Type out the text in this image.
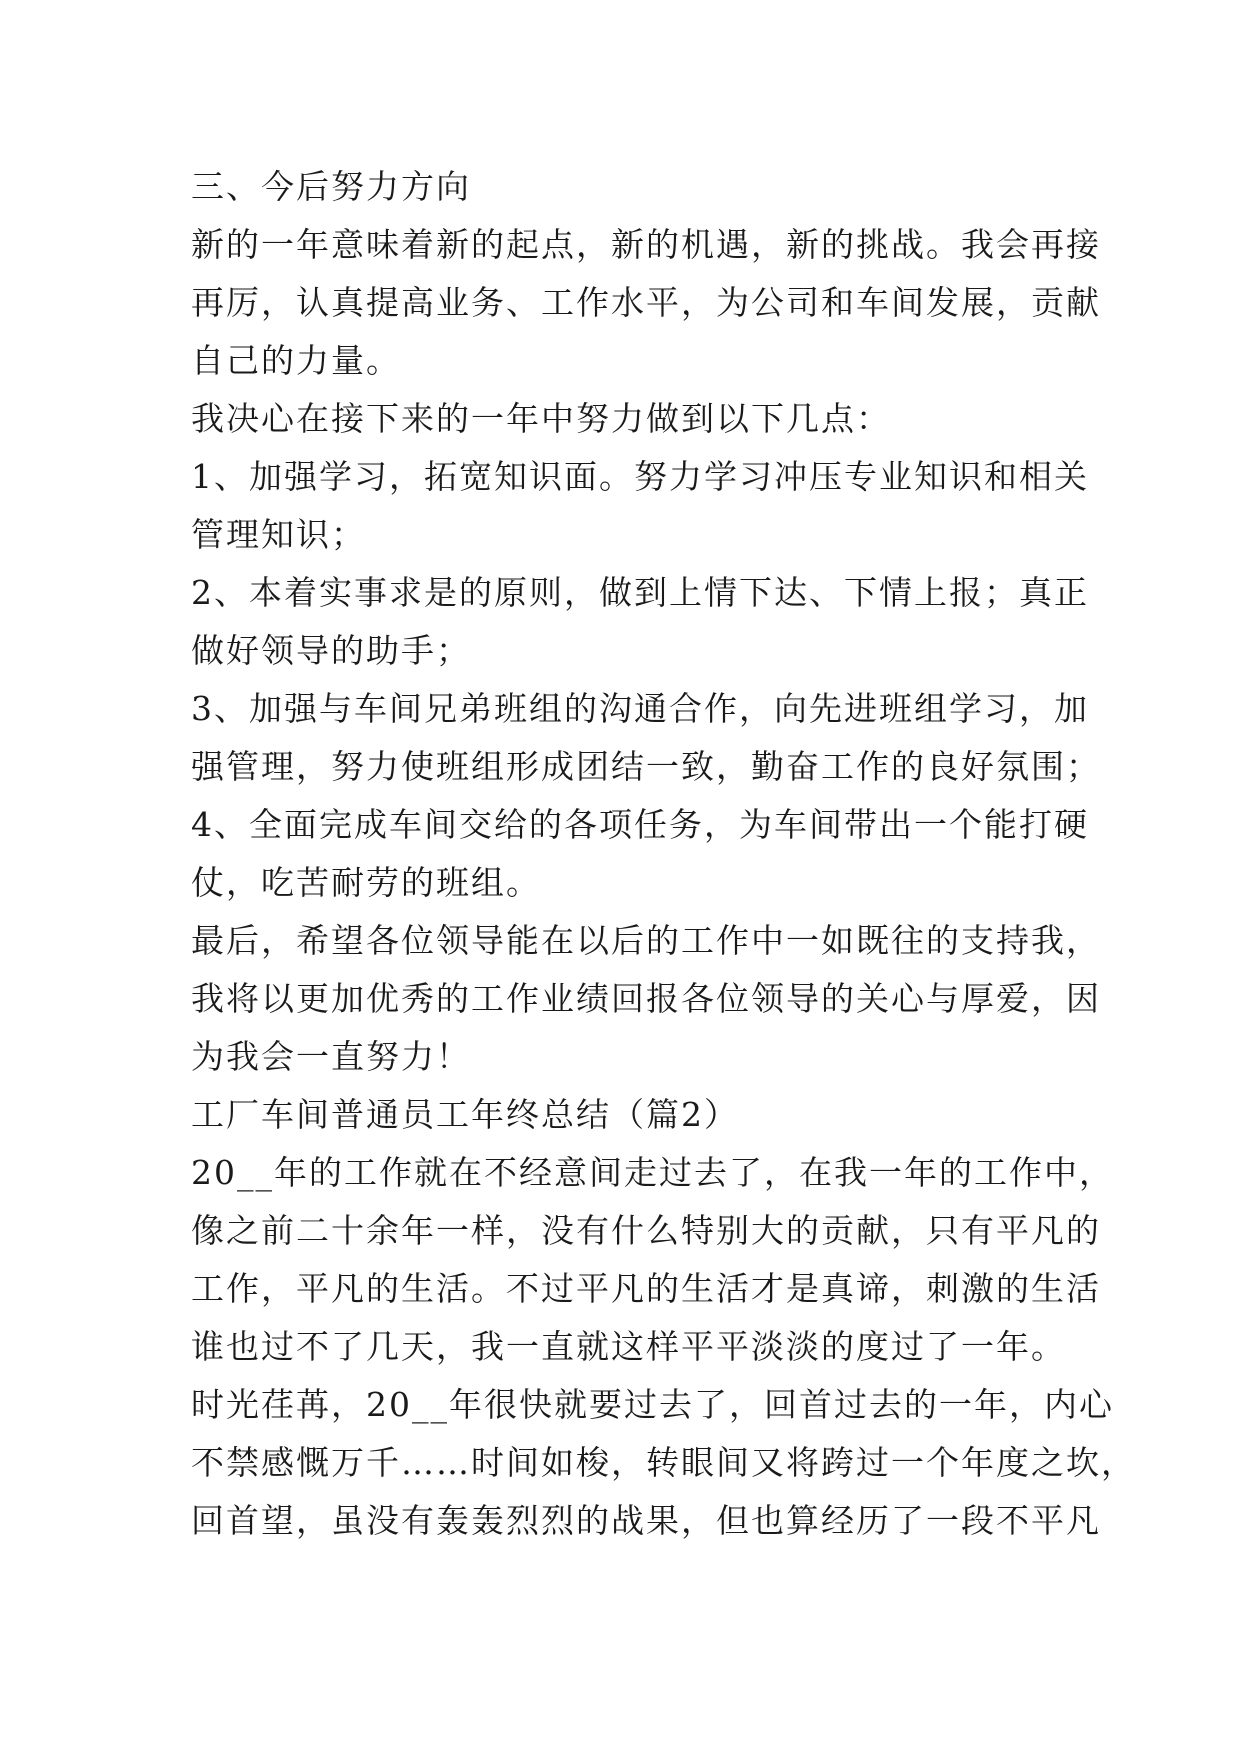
三、今后努力方向
新的一年意味着新的起点，新的机遇，新的挑战。我会再接
再厉，认真提高业务、工作水平，为公司和车间发展，贡献
自己的力量。
我决心在接下来的一年中努力做到以下几点：
1、加强学习，拓宽知识面。努力学习冲压专业知识和相关
管理知识；
2、本着实事求是的原则，做到上情下达、下情上报；真正
做好领导的助手；
3、加强与车间兄弟班组的沟通合作，向先进班组学习，加
强管理，努力使班组形成团结一致，勤奋工作的良好氛围；
4、全面完成车间交给的各项任务，为车间带出一个能打硬
仗，吃苦耐劳的班组。
最后，希望各位领导能在以后的工作中一如既往的支持我，
我将以更加优秀的工作业绩回报各位领导的关心与厚爱，因
为我会一直努力！
工厂车间普通员工年终总结（篇2）
20__年的工作就在不经意间走过去了，在我一年的工作中，
像之前二十余年一样，没有什么特别大的贡献，只有平凡的
工作，平凡的生活。不过平凡的生活才是真谛，刺激的生活
谁也过不了几天，我一直就这样平平淡淡的度过了一年。
时光荏苒，20__年很快就要过去了，回首过去的一年，内心
不禁感慨万千……时间如梭，转眼间又将跨过一个年度之坎，
回首望，虽没有轰轰烈烈的战果，但也算经历了一段不平凡
